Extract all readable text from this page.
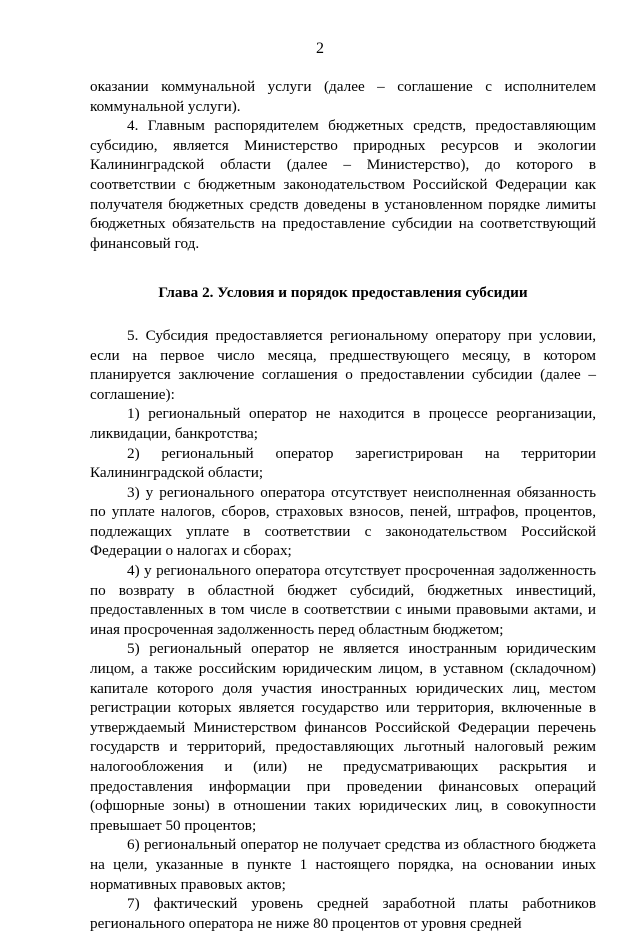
2

оказании коммунальной услуги (далее – соглашение с исполнителем коммунальной услуги).

4. Главным распорядителем бюджетных средств, предоставляющим субсидию, является Министерство природных ресурсов и экологии Калининградской области (далее – Министерство), до которого в соответствии с бюджетным законодательством Российской Федерации как получателя бюджетных средств доведены в установленном порядке лимиты бюджетных обязательств на предоставление субсидии на соответствующий финансовый год.

Глава 2. Условия и порядок предоставления субсидии

5. Субсидия предоставляется региональному оператору при условии, если на первое число месяца, предшествующего месяцу, в котором планируется заключение соглашения о предоставлении субсидии (далее – соглашение):

1) региональный оператор не находится в процессе реорганизации, ликвидации, банкротства;

2) региональный оператор зарегистрирован на территории Калининградской области;

3) у регионального оператора отсутствует неисполненная обязанность по уплате налогов, сборов, страховых взносов, пеней, штрафов, процентов, подлежащих уплате в соответствии с законодательством Российской Федерации о налогах и сборах;

4) у регионального оператора отсутствует просроченная задолженность по возврату в областной бюджет субсидий, бюджетных инвестиций, предоставленных в том числе в соответствии с иными правовыми актами, и иная просроченная задолженность перед областным бюджетом;

5) региональный оператор не является иностранным юридическим лицом, а также российским юридическим лицом, в уставном (складочном) капитале которого доля участия иностранных юридических лиц, местом регистрации которых является государство или территория, включенные в утверждаемый Министерством финансов Российской Федерации перечень государств и территорий, предоставляющих льготный налоговый режим налогообложения и (или) не предусматривающих раскрытия и предоставления информации при проведении финансовых операций (офшорные зоны) в отношении таких юридических лиц, в совокупности превышает 50 процентов;

6) региональный оператор не получает средства из областного бюджета на цели, указанные в пункте 1 настоящего порядка, на основании иных нормативных правовых актов;

7) фактический уровень средней заработной платы работников регионального оператора не ниже 80 процентов от уровня средней
